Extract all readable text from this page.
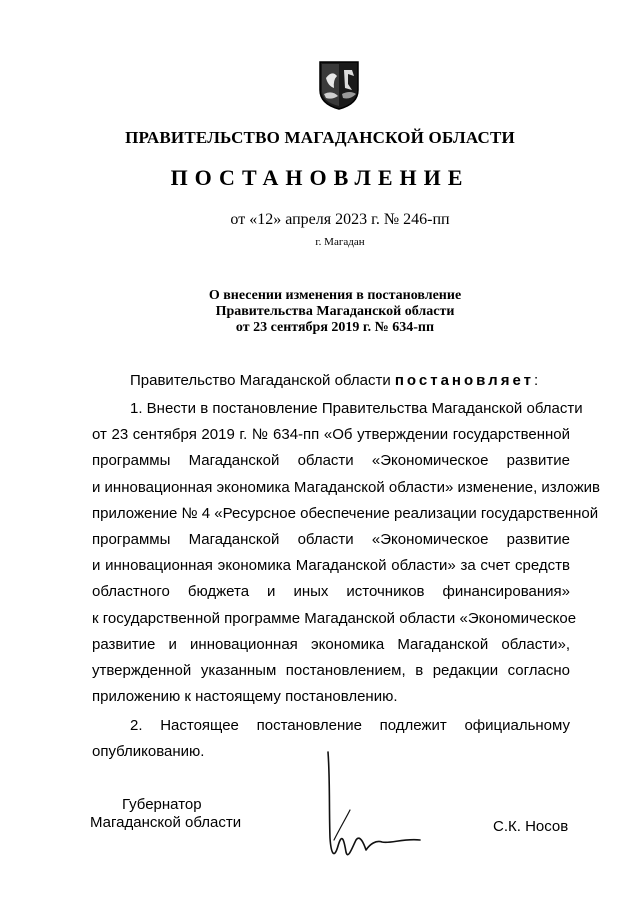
ПРАВИТЕЛЬСТВО МАГАДАНСКОЙ ОБЛАСТИ
ПОСТАНОВЛЕНИЕ
от «12» апреля 2023 г. № 246-пп
г. Магадан
О внесении изменения в постановление
Правительства Магаданской области
от 23 сентября 2019 г. № 634-пп
Правительство Магаданской области постановляет:
1. Внести в постановление Правительства Магаданской области
от 23 сентября 2019 г. № 634-пп «Об утверждении государственной
программы Магаданской области «Экономическое развитие
и инновационная экономика Магаданской области» изменение, изложив
приложение № 4 «Ресурсное обеспечение реализации государственной
программы Магаданской области «Экономическое развитие
и инновационная экономика Магаданской области» за счет средств
областного бюджета и иных источников финансирования»
к государственной программе Магаданской области «Экономическое
развитие и инновационная экономика Магаданской области»,
утвержденной указанным постановлением, в редакции согласно
приложению к настоящему постановлению.
2. Настоящее постановление подлежит официальному
опубликованию.
Губернатор
Магаданской области	С.К. Носов
